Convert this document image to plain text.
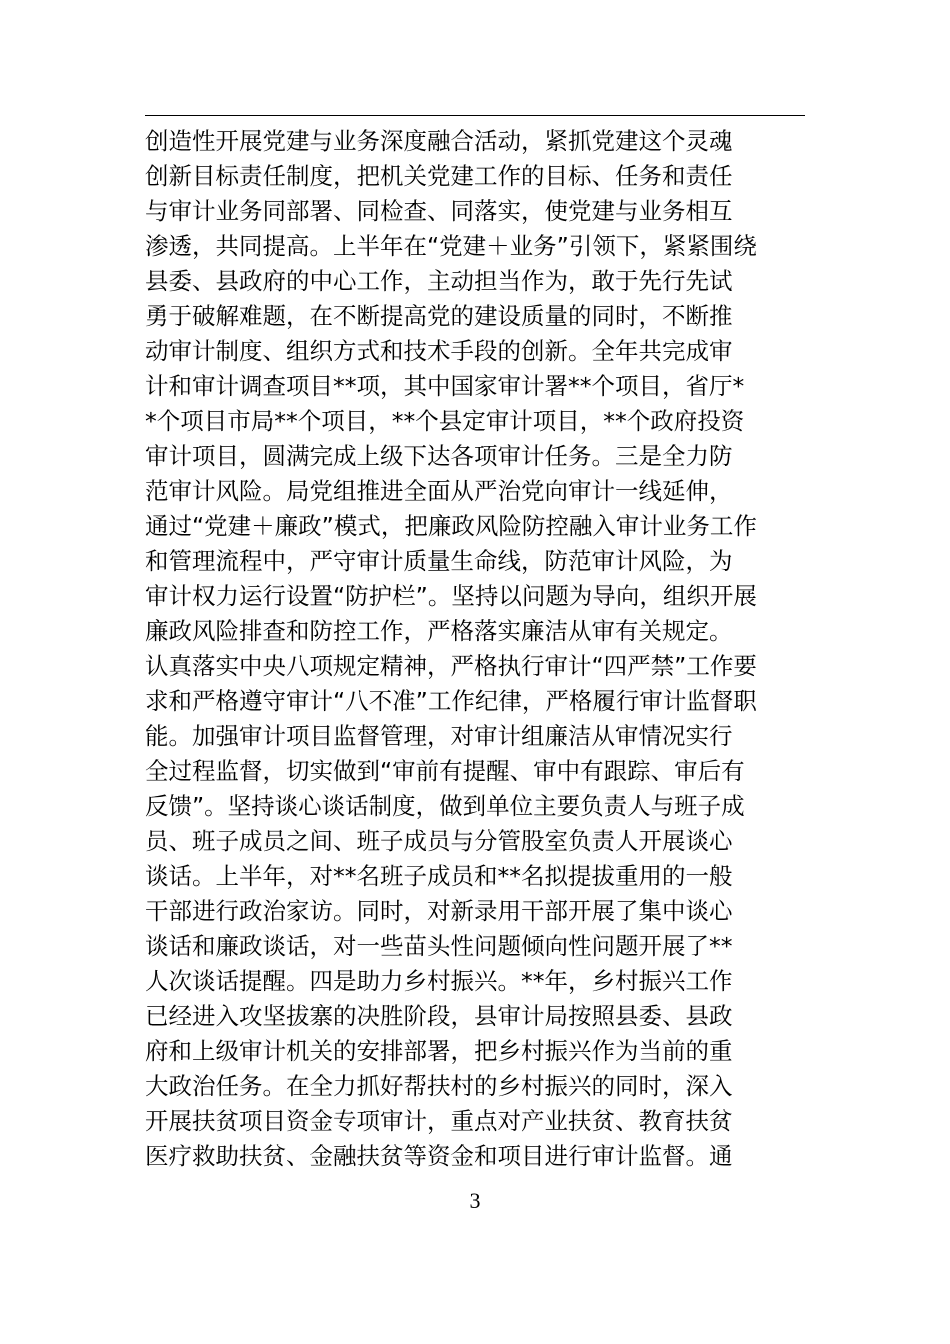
创造性开展党建与业务深度融合活动，紧抓党建这个灵魂
创新目标责任制度，把机关党建工作的目标、任务和责任
与审计业务同部署、同检查、同落实，使党建与业务相互
渗透，共同提高。上半年在“党建＋业务”引领下，紧紧围绕
县委、县政府的中心工作，主动担当作为，敢于先行先试
勇于破解难题，在不断提高党的建设质量的同时，不断推
动审计制度、组织方式和技术手段的创新。全年共完成审
计和审计调查项目**项，其中国家审计署**个项目，省厅*
*个项目市局**个项目，**个县定审计项目，**个政府投资
审计项目，圆满完成上级下达各项审计任务。三是全力防
范审计风险。局党组推进全面从严治党向审计一线延伸，
通过“党建＋廉政”模式，把廉政风险防控融入审计业务工作
和管理流程中，严守审计质量生命线，防范审计风险，为
审计权力运行设置“防护栏”。坚持以问题为导向，组织开展
廉政风险排查和防控工作，严格落实廉洁从审有关规定。
认真落实中央八项规定精神，严格执行审计“四严禁”工作要
求和严格遵守审计“八不准”工作纪律，严格履行审计监督职
能。加强审计项目监督管理，对审计组廉洁从审情况实行
全过程监督，切实做到“审前有提醒、审中有跟踪、审后有
反馈”。坚持谈心谈话制度，做到单位主要负责人与班子成
员、班子成员之间、班子成员与分管股室负责人开展谈心
谈话。上半年，对**名班子成员和**名拟提拔重用的一般
干部进行政治家访。同时，对新录用干部开展了集中谈心
谈话和廉政谈话，对一些苗头性问题倾向性问题开展了**
人次谈话提醒。四是助力乡村振兴。**年，乡村振兴工作
已经进入攻坚拔寨的决胜阶段，县审计局按照县委、县政
府和上级审计机关的安排部署，把乡村振兴作为当前的重
大政治任务。在全力抓好帮扶村的乡村振兴的同时，深入
开展扶贫项目资金专项审计，重点对产业扶贫、教育扶贫
医疗救助扶贫、金融扶贫等资金和项目进行审计监督。通
3
